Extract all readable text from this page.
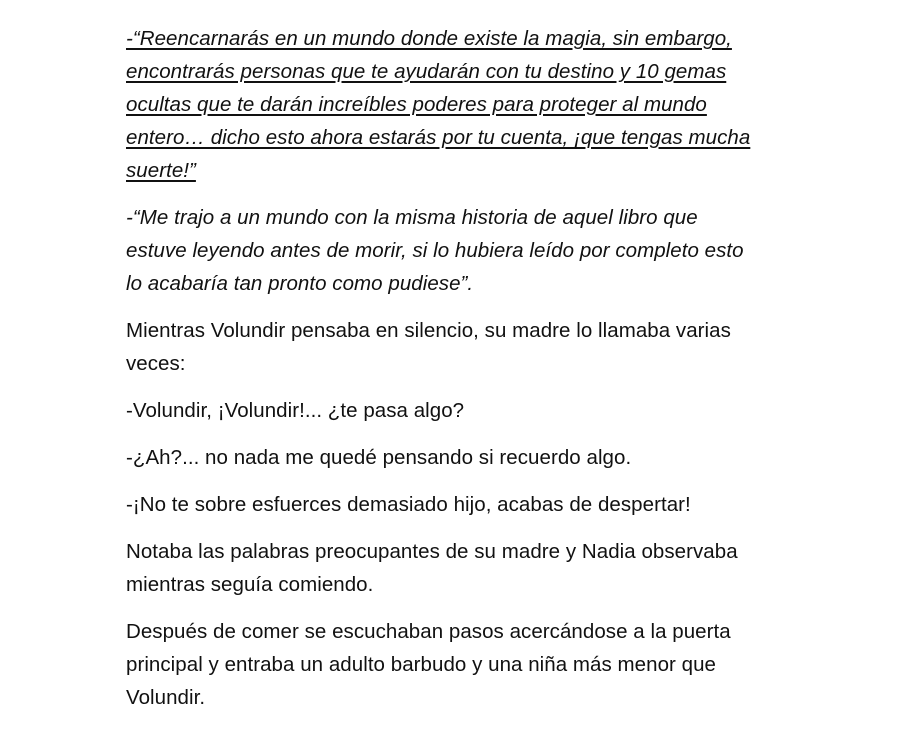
-“Reencarnarás en un mundo donde existe la magia, sin embargo,
encontrarás personas que te ayudarán con tu destino y 10 gemas
ocultas que te darán increíbles poderes para proteger al mundo
entero… dicho esto ahora estarás por tu cuenta, ¡que tengas mucha
suerte!”

-“Me trajo a un mundo con la misma historia de aquel libro que
estuve leyendo antes de morir, si lo hubiera leído por completo esto
lo acabaría tan pronto como pudiese”.

Mientras Volundir pensaba en silencio, su madre lo llamaba varias
veces:

-Volundir, ¡Volundir!... ¿te pasa algo?

-¿Ah?... no nada me quedé pensando si recuerdo algo.

-¡No te sobre esfuerces demasiado hijo, acabas de despertar!

Notaba las palabras preocupantes de su madre y Nadia observaba
mientras seguía comiendo.

Después de comer se escuchaban pasos acercándose a la puerta
principal y entraba un adulto barbudo y una niña más menor que
Volundir.
